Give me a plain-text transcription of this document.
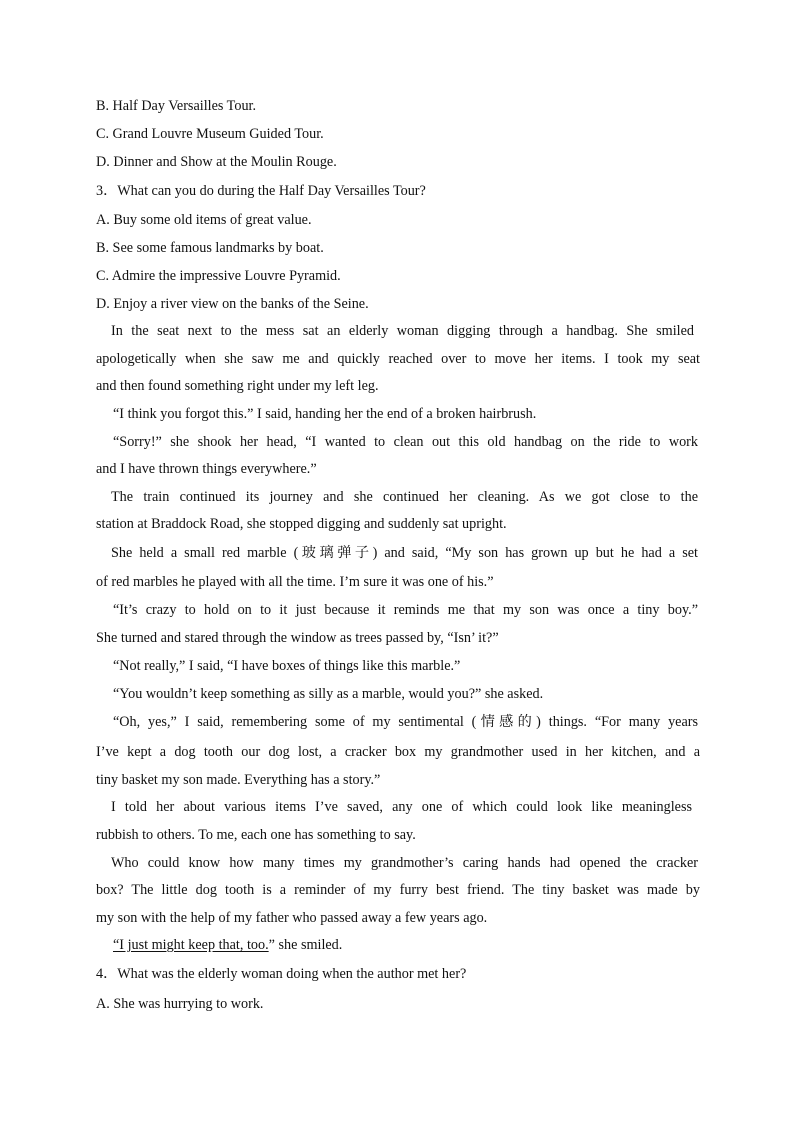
B. Half Day Versailles Tour.
C. Grand Louvre Museum Guided Tour.
D. Dinner and Show at the Moulin Rouge.
3．What can you do during the Half Day Versailles Tour?
A. Buy some old items of great value.
B. See some famous landmarks by boat.
C. Admire the impressive Louvre Pyramid.
D. Enjoy a river view on the banks of the Seine.
In the seat next to the mess sat an elderly woman digging through a handbag. She smiled
apologetically when she saw me and quickly reached over to move her items. I took my seat
and then found something right under my left leg.
“I think you forgot this.” I said, handing her the end of a broken hairbrush.
“Sorry!” she shook her head, “I wanted to clean out this old handbag on the ride to work
and I have thrown things everywhere.”
The train continued its journey and she continued her cleaning. As we got close to the
station at Braddock Road, she stopped digging and suddenly sat upright.
She held a small red marble (玻璃弹子) and said, “My son has grown up but he had a set
of red marbles he played with all the time. I’m sure it was one of his.”
“It’s crazy to hold on to it just because it reminds me that my son was once a tiny boy.”
She turned and stared through the window as trees passed by, “Isn’ it?”
“Not really,” I said, “I have boxes of things like this marble.”
“You wouldn’t keep something as silly as a marble, would you?” she asked.
“Oh, yes,” I said, remembering some of my sentimental (情感的) things. “For many years
I’ve kept a dog tooth our dog lost, a cracker box my grandmother used in her kitchen, and a
tiny basket my son made. Everything has a story.”
I told her about various items I’ve saved, any one of which could look like meaningless
rubbish to others. To me, each one has something to say.
Who could know how many times my grandmother’s caring hands had opened the cracker
box? The little dog tooth is a reminder of my furry best friend. The tiny basket was made by
my son with the help of my father who passed away a few years ago.
“I just might keep that, too.” she smiled.
4．What was the elderly woman doing when the author met her?
A. She was hurrying to work.
